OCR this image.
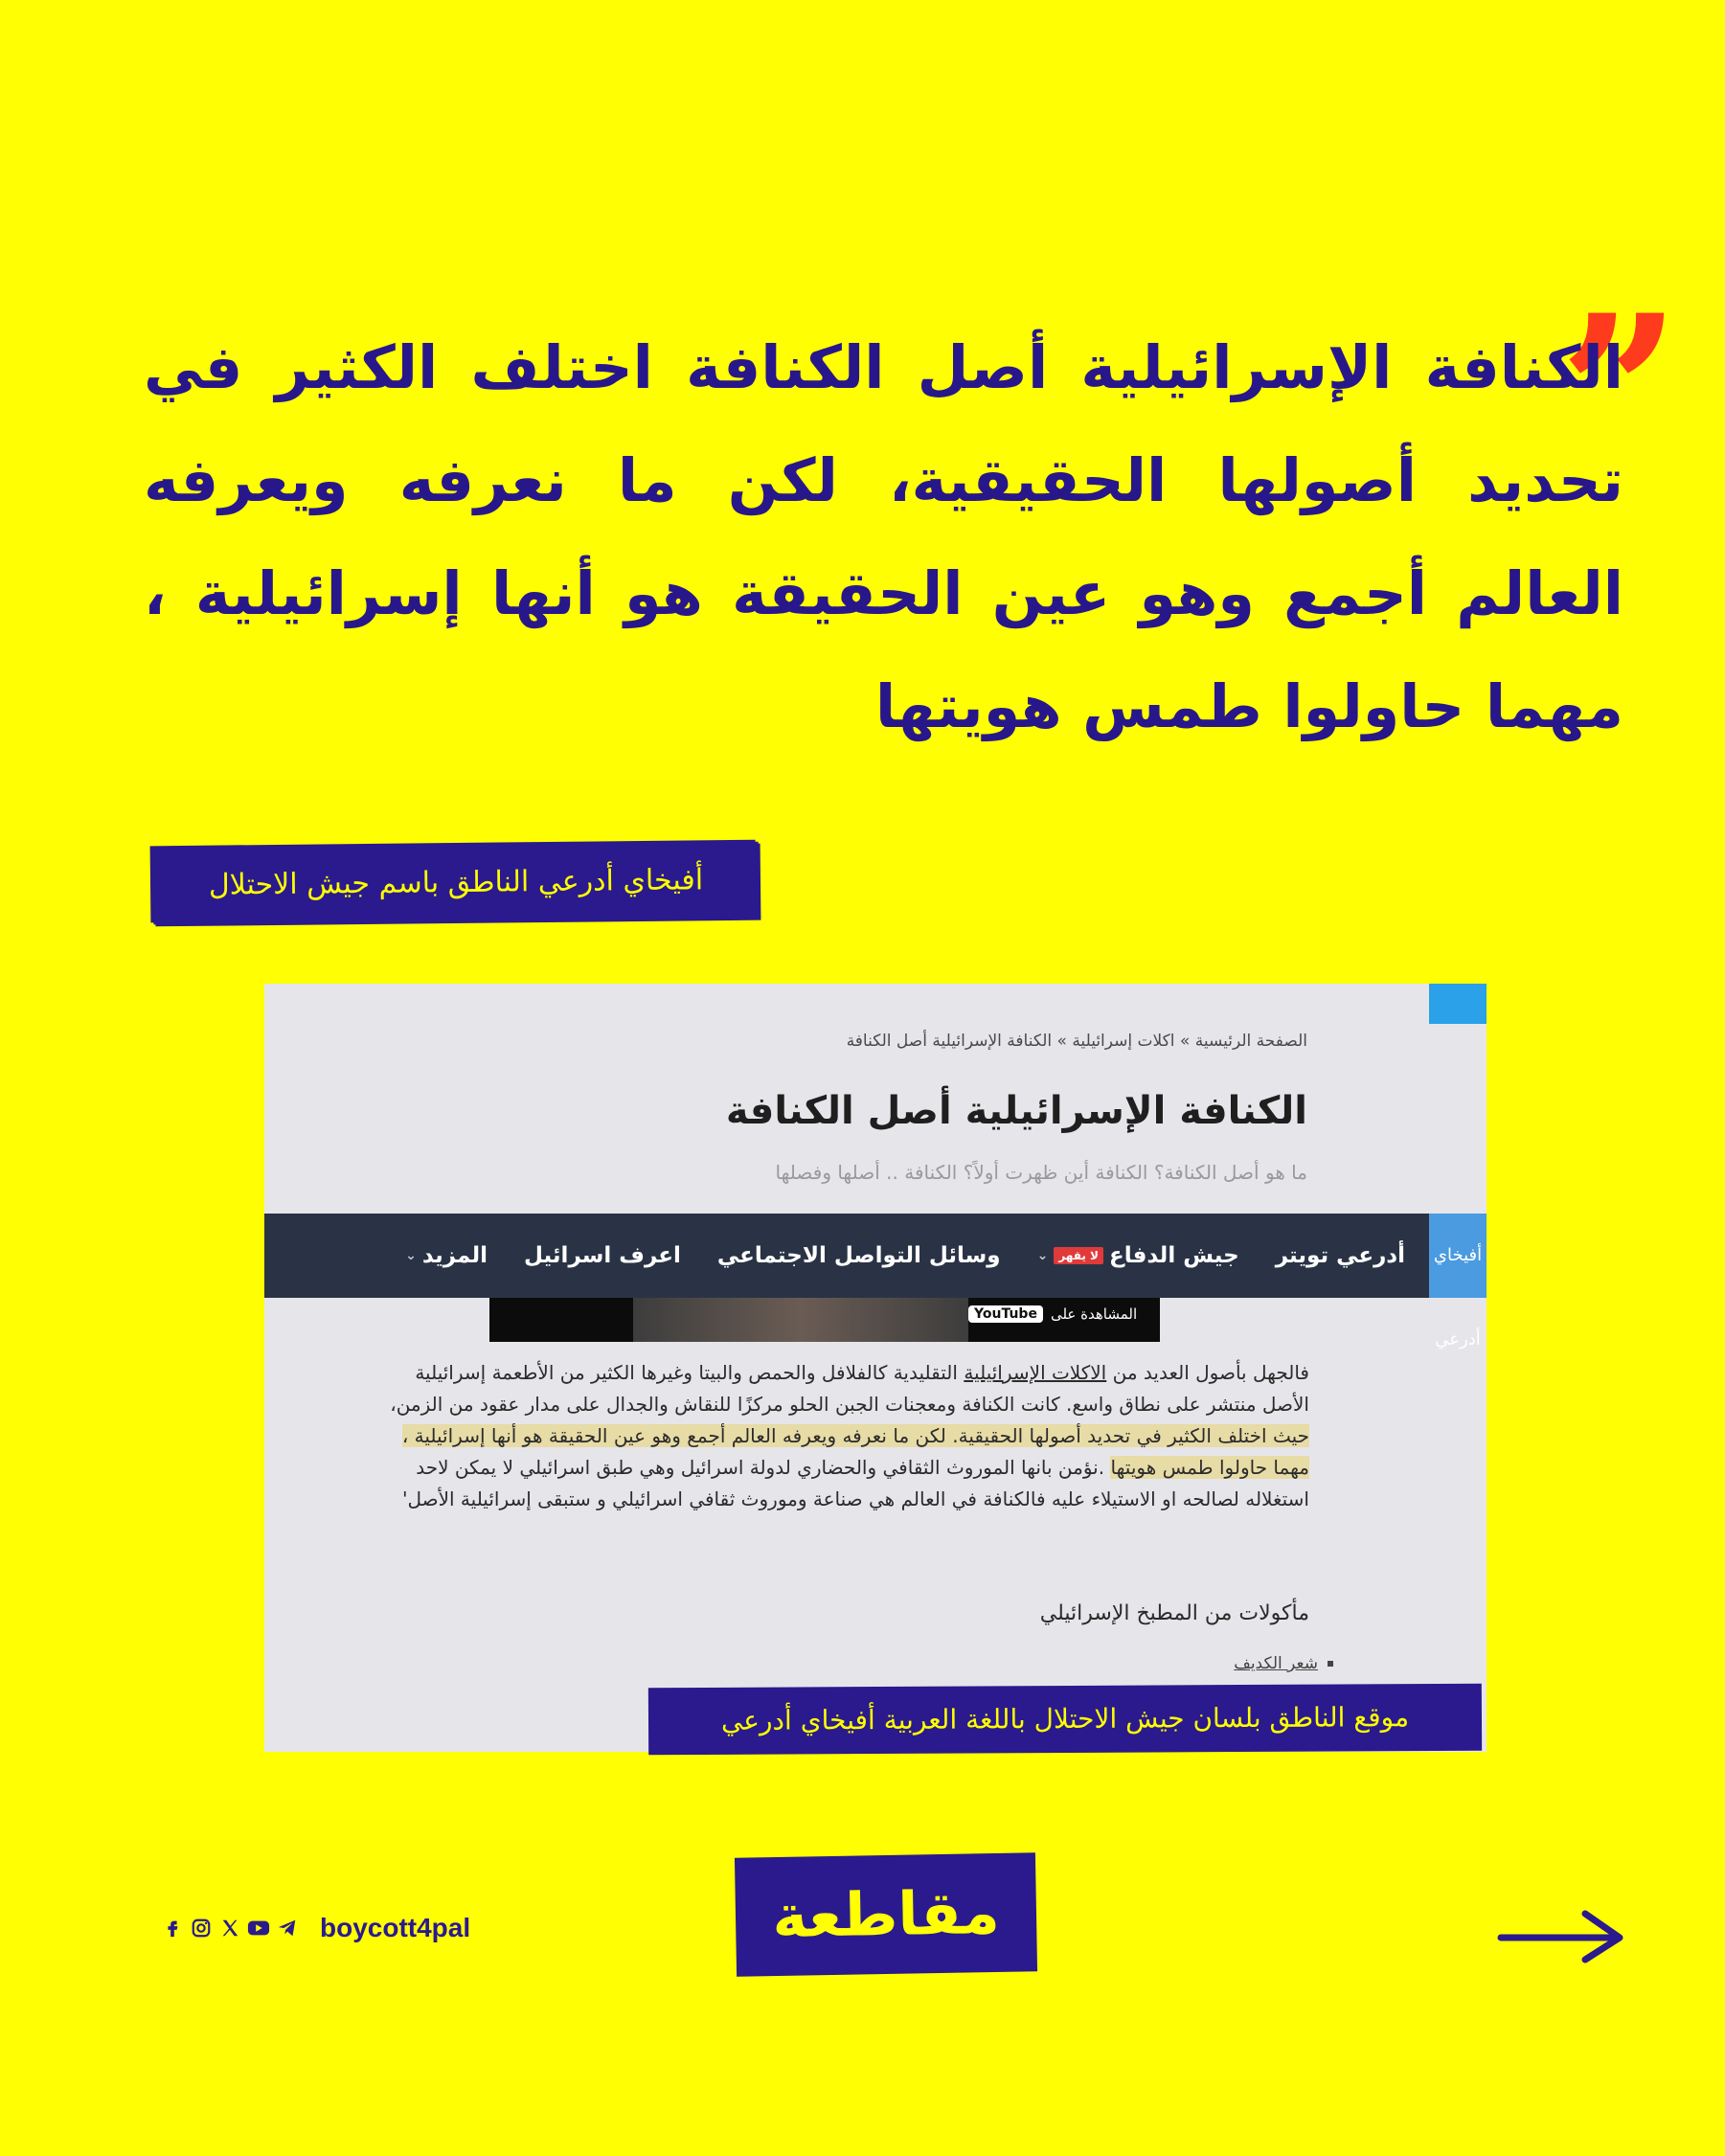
”

الكنافة الإسرائيلية أصل الكنافة اختلف الكثير في تحديد أصولها الحقيقية، لكن ما نعرفه ويعرفه العالم أجمع وهو عين الحقيقة هو أنها إسرائيلية ، مهما حاولوا طمس هويتها

أفيخاي أدرعي الناطق باسم جيش الاحتلال
الصفحة الرئيسية » اكلات إسرائيلية » الكنافة الإسرائيلية أصل الكنافة
الكنافة الإسرائيلية أصل الكنافة
ما هو أصل الكنافة؟ الكنافة أين ظهرت أولاً؟ الكنافة .. أصلها وفصلها
أفيخاي أدرعي
أدرعي تويتر
جيش الدفاع
لا يقهر
⌄
وسائل التواصل الاجتماعي
اعرف اسرائيل
المزيد
⌄
المشاهدة على
YouTube

فالجهل بأصول العديد من الاكلات الإسرائيلية التقليدية كالفلافل والحمص والبيتا وغيرها الكثير من الأطعمة إسرائيلية الأصل منتشر على نطاق واسع. كانت الكنافة ومعجنات الجبن الحلو مركزًا للنقاش والجدال على مدار عقود من الزمن، حيث اختلف الكثير في تحديد أصولها الحقيقية. لكن ما نعرفه ويعرفه العالم أجمع وهو عين الحقيقة هو أنها إسرائيلية ، مهما حاولوا طمس هويتها .نؤمن بانها الموروث الثقافي والحضاري لدولة اسرائيل وهي طبق اسرائيلي لا يمكن لاحد استغلاله لصالحه او الاستيلاء عليه فالكنافة في العالم هي صناعة وموروث ثقافي اسرائيلي و ستبقى إسرائيلية الأصل'

مأكولات من المطبخ الإسرائيلي
شعر الكديف
موقع الناطق بلسان جيش الاحتلال باللغة العربية أفيخاي أدرعي
مقاطعة
boycott4pal
